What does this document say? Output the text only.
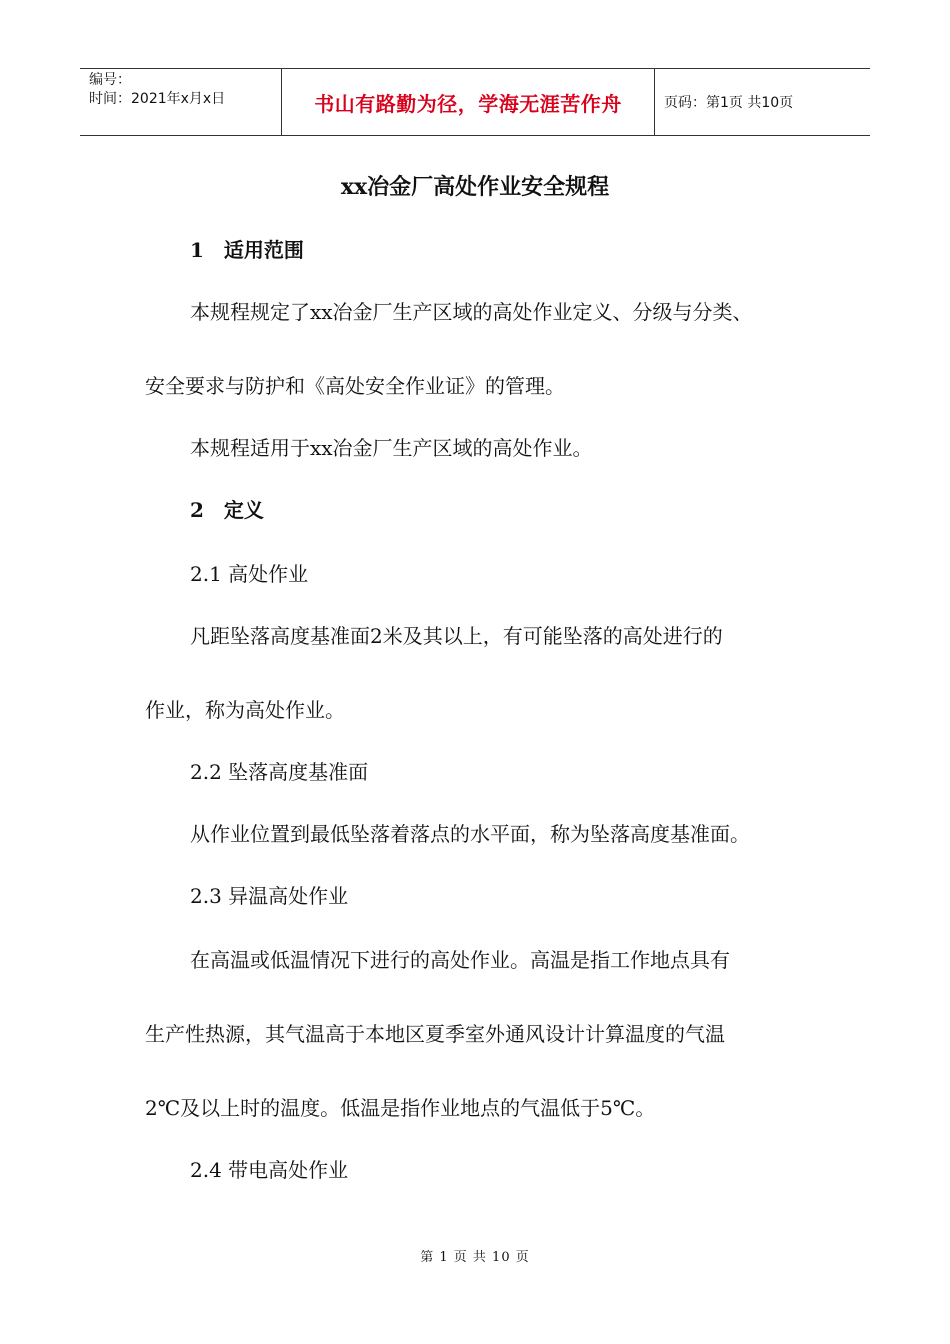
编号：
时间：2021年x月x日	书山有路勤为径，学海无涯苦作舟	页码：第1页 共10页
xx冶金厂高处作业安全规程
1　适用范围
本规程规定了xx冶金厂生产区域的高处作业定义、分级与分类、
安全要求与防护和《高处安全作业证》的管理。
本规程适用于xx冶金厂生产区域的高处作业。
2　定义
2.1 高处作业
凡距坠落高度基准面2米及其以上，有可能坠落的高处进行的
作业，称为高处作业。
2.2 坠落高度基准面
从作业位置到最低坠落着落点的水平面，称为坠落高度基准面。
2.3 异温高处作业
在高温或低温情况下进行的高处作业。高温是指工作地点具有
生产性热源，其气温高于本地区夏季室外通风设计计算温度的气温
2℃及以上时的温度。低温是指作业地点的气温低于5℃。
2.4 带电高处作业
第 1 页 共 10 页
